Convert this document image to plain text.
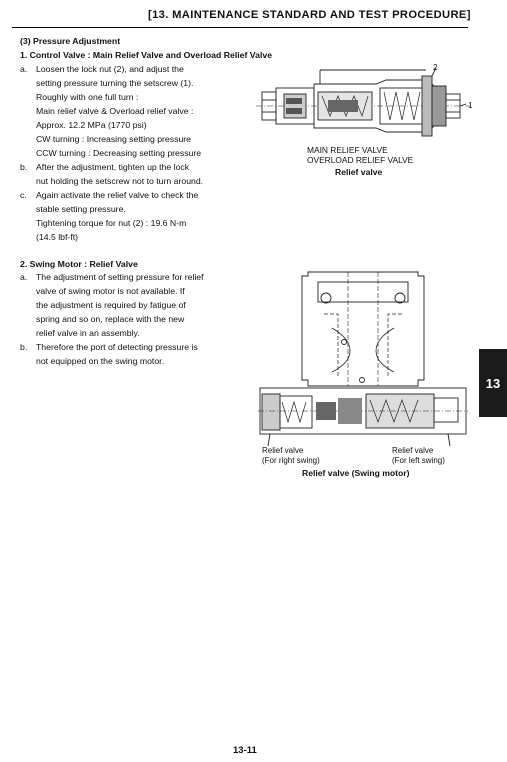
[13. MAINTENANCE STANDARD AND TEST PROCEDURE]
(3) Pressure Adjustment
1. Control Valve : Main Relief Valve and Overload Relief Valve
a. Loosen the lock nut (2), and adjust the
setting pressure turning the setscrew (1).
Roughly with one full turn :
Main relief valve & Overload relief valve :
Approx. 12.2 MPa (1770 psi)
CW turning : Increasing setting pressure
CCW turning : Decreasing setting pressure
b. After the adjustment, tighten up the lock
nut holding the setscrew not to turn around.
c. Again activate the relief valve to check the
stable setting pressure.
Tightening torque for nut (2) : 19.6 N-m
(14.5 lbf-ft)
2. Swing Motor : Relief Valve
a. The adjustment of setting pressure for relief
valve of swing motor is not available. If
the adjustment is required by fatigue of
spring and so on, replace with the new
relief valve in an assembly.
b. Therefore the port of detecting pressure is
not equipped on the swing motor.
2
1
MAIN RELIEF VALVE
OVERLOAD RELIEF VALVE
Relief valve
Relief valve
(For right swing)
Relief valve
(For left swing)
Relief valve (Swing motor)
13
13-11
